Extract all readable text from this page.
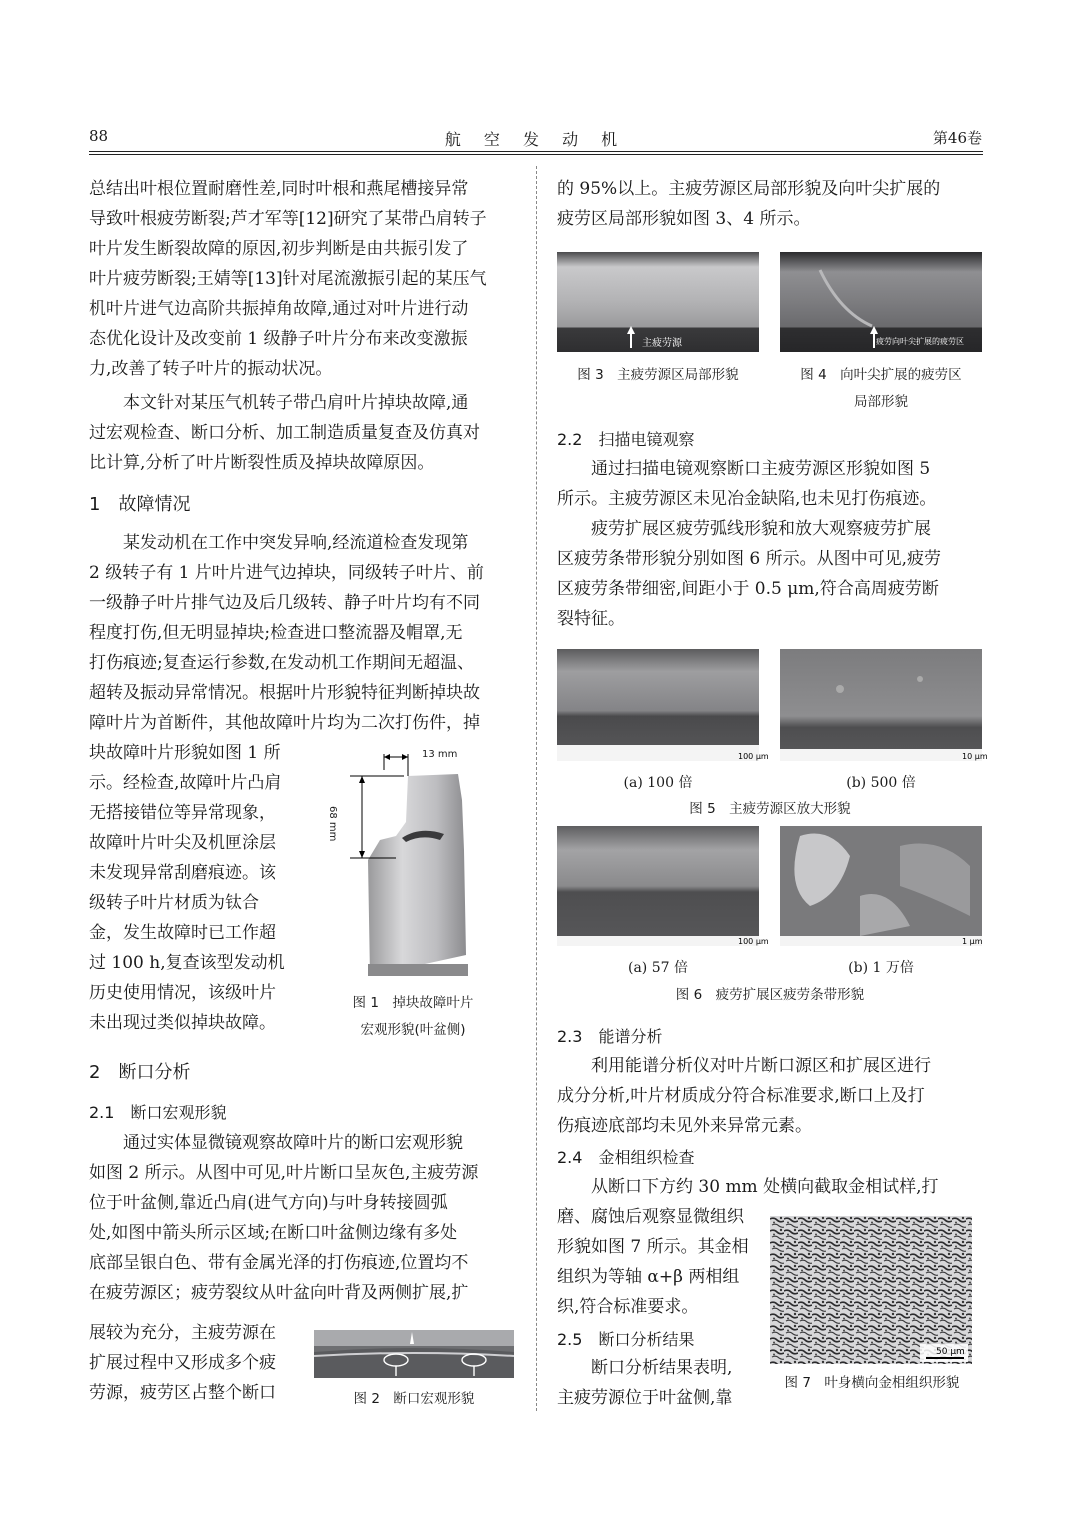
88	航 空 发 动 机	第46卷

总结出叶根位置耐磨性差,同时叶根和燕尾槽接异常

导致叶根疲劳断裂;芦才军等[12]研究了某带凸肩转子

叶片发生断裂故障的原因,初步判断是由共振引发了

叶片疲劳断裂;王婧等[13]针对尾流激振引起的某压气

机叶片进气边高阶共振掉角故障,通过对叶片进行动

态优化设计及改变前 1 级静子叶片分布来改变激振

力,改善了转子叶片的振动状况。

本文针对某压气机转子带凸肩叶片掉块故障,通

过宏观检查、断口分析、加工制造质量复查及仿真对

比计算,分析了叶片断裂性质及掉块故障原因。

1　故障情况

某发动机在工作中突发异响,经流道检查发现第

2 级转子有 1 片叶片进气边掉块，同级转子叶片、前

一级静子叶片排气边及后几级转、静子叶片均有不同

程度打伤,但无明显掉块;检查进口整流器及帽罩,无

打伤痕迹;复查运行参数,在发动机工作期间无超温、

超转及振动异常情况。根据叶片形貌特征判断掉块故

障叶片为首断件，其他故障叶片均为二次打伤件，掉

块故障叶片形貌如图 1 所

示。经检查,故障叶片凸肩

无搭接错位等异常现象，

故障叶片叶尖及机匣涂层

未发现异常刮磨痕迹。该

级转子叶片材质为钛合

金，发生故障时已工作超

过 100 h,复查该型发动机

历史使用情况，该级叶片

未出现过类似掉块故障。

13 mm
68 mm
图 1　掉块故障叶片
宏观形貌(叶盆侧)
2　断口分析
2.1　断口宏观形貌

通过实体显微镜观察故障叶片的断口宏观形貌

如图 2 所示。从图中可见,叶片断口呈灰色,主疲劳源

位于叶盆侧,靠近凸肩(进气方向)与叶身转接圆弧

处,如图中箭头所示区域;在断口叶盆侧边缘有多处

底部呈银白色、带有金属光泽的打伤痕迹,位置均不

在疲劳源区；疲劳裂纹从叶盆向叶背及两侧扩展,扩

展较为充分，主疲劳源在

扩展过程中又形成多个疲

劳源，疲劳区占整个断口	图 2　断口宏观形貌

的 95%以上。主疲劳源区局部形貌及向叶尖扩展的

疲劳区局部形貌如图 3、4 所示。

主疲劳源
图 3　主疲劳源区局部形貌
疲劳向叶尖扩展的疲劳区
图 4　向叶尖扩展的疲劳区
局部形貌
2.2　扫描电镜观察

通过扫描电镜观察断口主疲劳源区形貌如图 5

所示。主疲劳源区未见冶金缺陷,也未见打伤痕迹。

疲劳扩展区疲劳弧线形貌和放大观察疲劳扩展

区疲劳条带形貌分别如图 6 所示。从图中可见,疲劳

区疲劳条带细密,间距小于 0.5 μm,符合高周疲劳断

裂特征。

100 μm	10 μm
(a) 100 倍	(b) 500 倍
图 5　主疲劳源区放大形貌
100 μm	1 μm
(a) 57 倍	(b) 1 万倍
图 6　疲劳扩展区疲劳条带形貌
2.3　能谱分析

利用能谱分析仪对叶片断口源区和扩展区进行

成分分析,叶片材质成分符合标准要求,断口上及打

伤痕迹底部均未见外来异常元素。

2.4　金相组织检查

从断口下方约 30 mm 处横向截取金相试样,打

磨、腐蚀后观察显微组织

形貌如图 7 所示。其金相

组织为等轴 α+β 两相组

织,符合标准要求。

2.5　断口分析结果

断口分析结果表明,

主疲劳源位于叶盆侧,靠

50 μm
图 7　叶身横向金相组织形貌
